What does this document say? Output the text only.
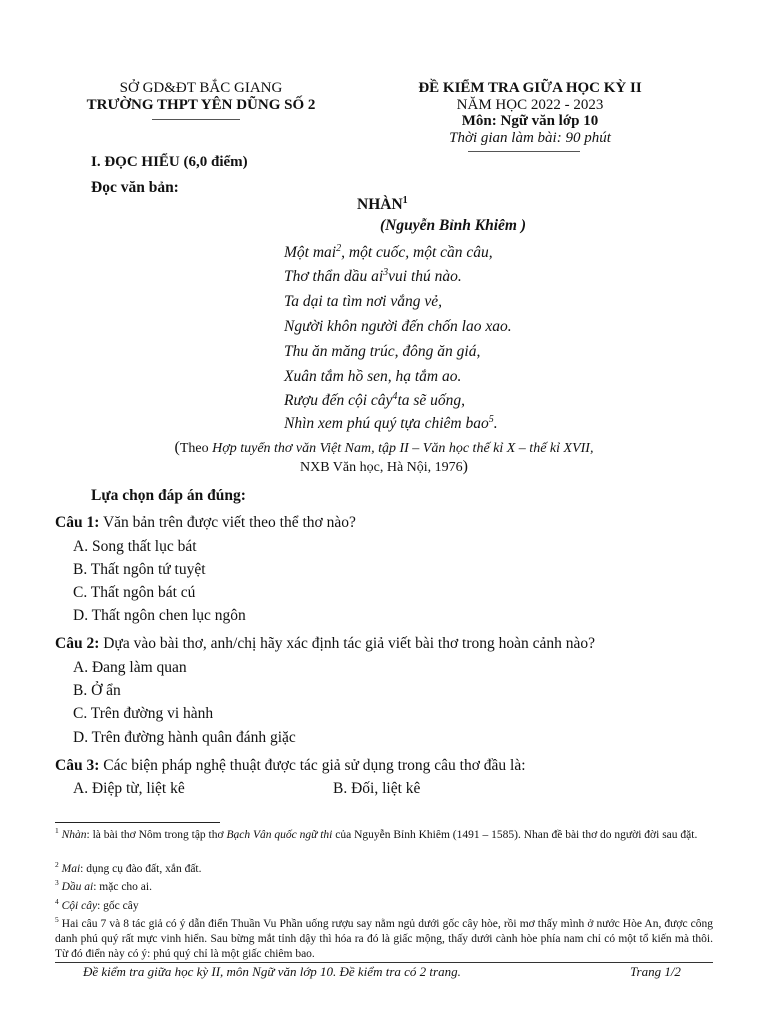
SỞ GD&ĐT BẮC GIANG
TRƯỜNG THPT YÊN DŨNG SỐ 2
ĐỀ KIỂM TRA GIỮA HỌC KỲ II
NĂM HỌC 2022 - 2023
Môn: Ngữ văn lớp 10
Thời gian làm bài: 90 phút
I. ĐỌC HIỂU (6,0 điểm)
Đọc văn bản:
NHÀN$^1$
(Nguyễn Bỉnh Khiêm )
Một mai$^2$, một cuốc, một cần câu,
Thơ thẩn dầu $ai^3vui$ thú nào.
Ta dại ta tìm nơi vắng vẻ,
Người khôn người đến chốn lao xao.
Thu ăn măng trúc, đông ăn giá,
Xuân tắm hồ sen, hạ tắm ao.
Rượu đến cội cây$^4$ta sẽ uống,
Nhìn xem phú quý tựa chiêm bao$^5$.
(Theo Hợp tuyển thơ văn Việt Nam, tập II – Văn học thế kỉ X – thế kỉ XVII,
NXB Văn học, Hà Nội, 1976)
Lựa chọn đáp án đúng:
Câu 1: Văn bản trên được viết theo thể thơ nào?
A. Song thất lục bát
B. Thất ngôn tứ tuyệt
C. Thất ngôn bát cú
D. Thất ngôn chen lục ngôn
Câu 2: Dựa vào bài thơ, anh/chị hãy xác định tác giả viết bài thơ trong hoàn cảnh nào?
A. Đang làm quan
B. Ở ẩn
C. Trên đường vi hành
D. Trên đường hành quân đánh giặc
Câu 3: Các biện pháp nghệ thuật được tác giả sử dụng trong câu thơ đầu là:
A. Điệp từ, liệt kê	B. Đối, liệt kê
$^1$ Nhàn: là bài thơ Nôm trong tập thơ Bạch Vân quốc ngữ thi của Nguyễn Bỉnh Khiêm (1491 – 1585). Nhan đề bài thơ do người đời sau đặt.
$^2$ Mai: dụng cụ đào đất, xắn đất.
$^3$ Dầu ai: mặc cho ai.
$^4$ Cội cây: gốc cây
$^5$ Hai câu 7 và 8 tác giả có ý dẫn điển Thuần Vu Phần uống rượu say nằm ngủ dưới gốc cây hòe, rồi mơ thấy mình ở nước Hòe An, được công danh phú quý rất mực vinh hiển. Sau bừng mắt tỉnh dậy thì hóa ra đó là giấc mộng, thấy dưới cành hòe phía nam chỉ có một tổ kiến mà thôi. Từ đó điển này có ý: phú quý chỉ là một giấc chiêm bao.
Đề kiểm tra giữa học kỳ II, môn Ngữ văn lớp 10. Đề kiểm tra có 2 trang.	Trang 1/2
